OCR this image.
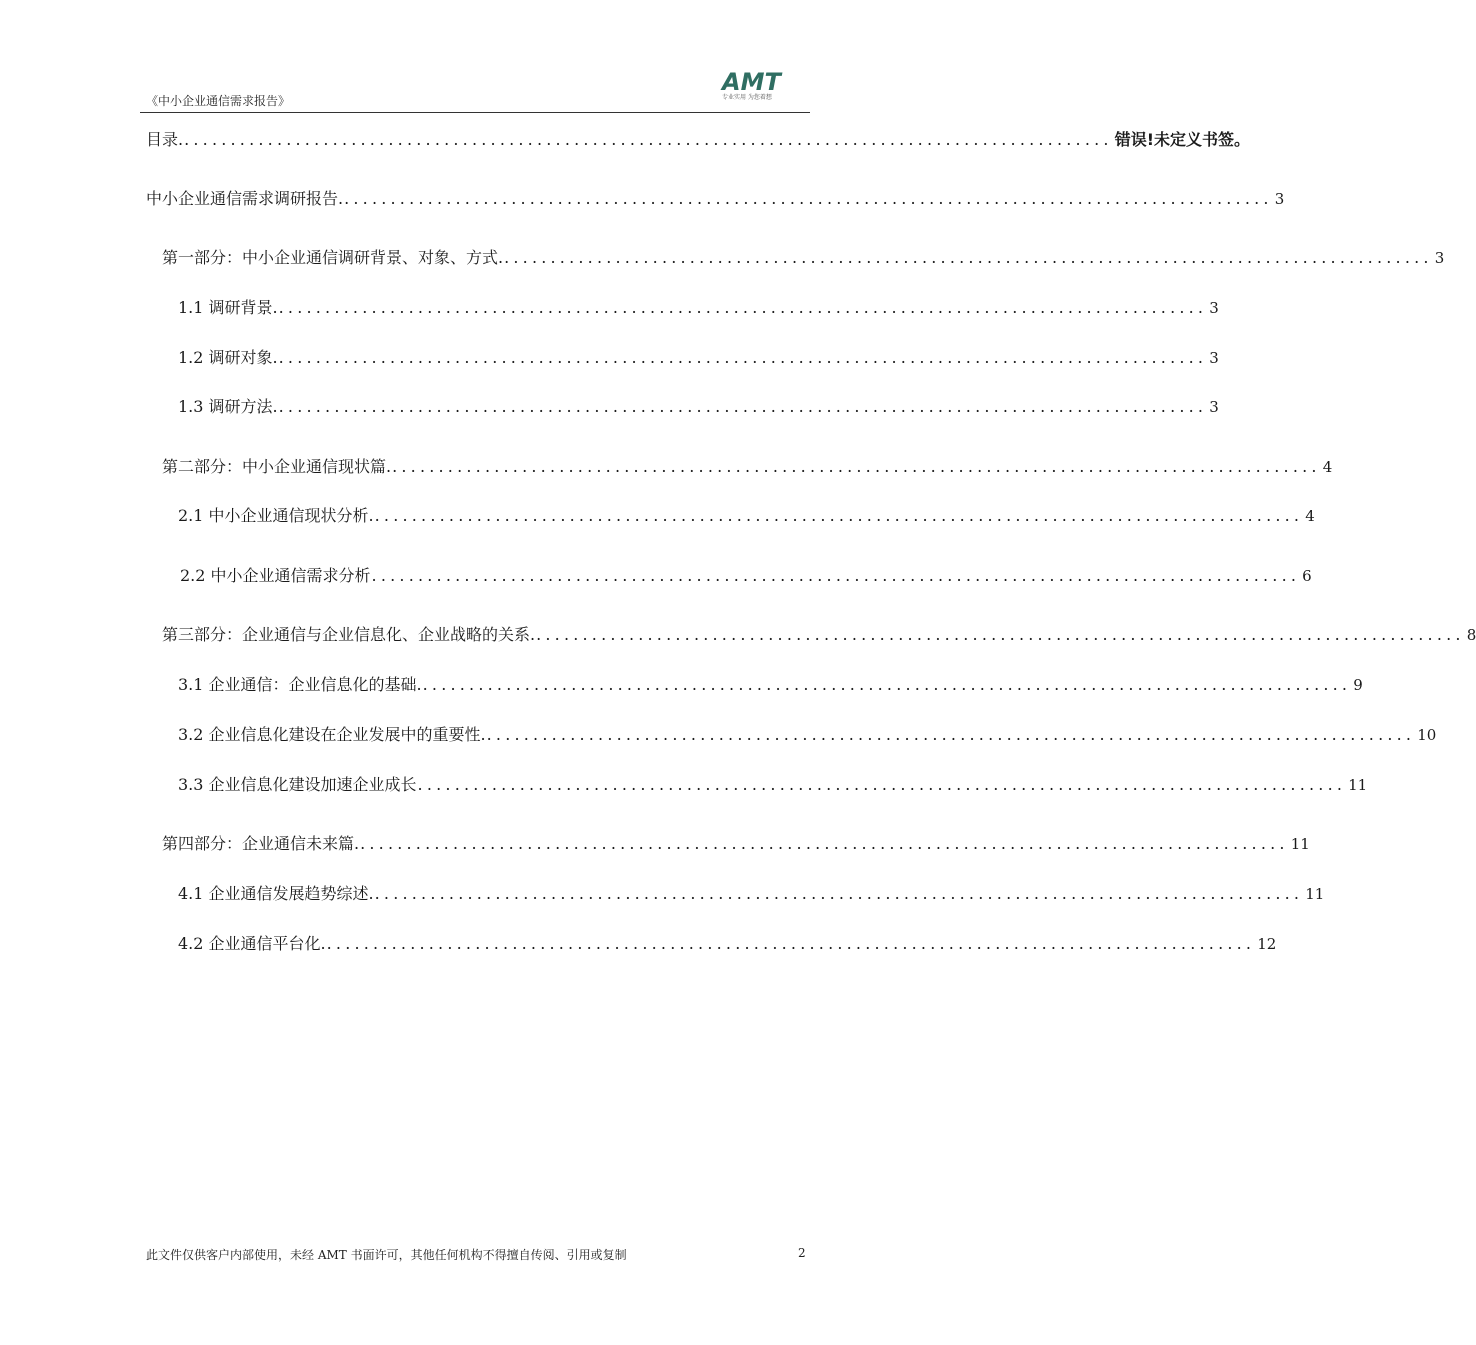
《中小企业通信需求报告》
AMT
专业实用 为您着想
目录. .................................................................................................... 错误!未定义书签。
中小企业通信需求调研报告. .................................................................................................... 3
第一部分：中小企业通信调研背景、对象、方式. .................................................................................................... 3
1.1 调研背景. .................................................................................................... 3
1.2 调研对象. .................................................................................................... 3
1.3 调研方法. .................................................................................................... 3
第二部分：中小企业通信现状篇. .................................................................................................... 4
2.1 中小企业通信现状分析. .................................................................................................... 4
2.2 中小企业通信需求分析 .................................................................................................... 6
第三部分：企业通信与企业信息化、企业战略的关系. .................................................................................................... 8
3.1 企业通信：企业信息化的基础. .................................................................................................... 9
3.2 企业信息化建设在企业发展中的重要性. .................................................................................................... 10
3.3 企业信息化建设加速企业成长 .................................................................................................... 11
第四部分：企业通信未来篇. .................................................................................................... 11
4.1 企业通信发展趋势综述. .................................................................................................... 11
4.2 企业通信平台化. .................................................................................................... 12
此文件仅供客户内部使用，未经 AMT 书面许可，其他任何机构不得擅自传阅、引用或复制	2
